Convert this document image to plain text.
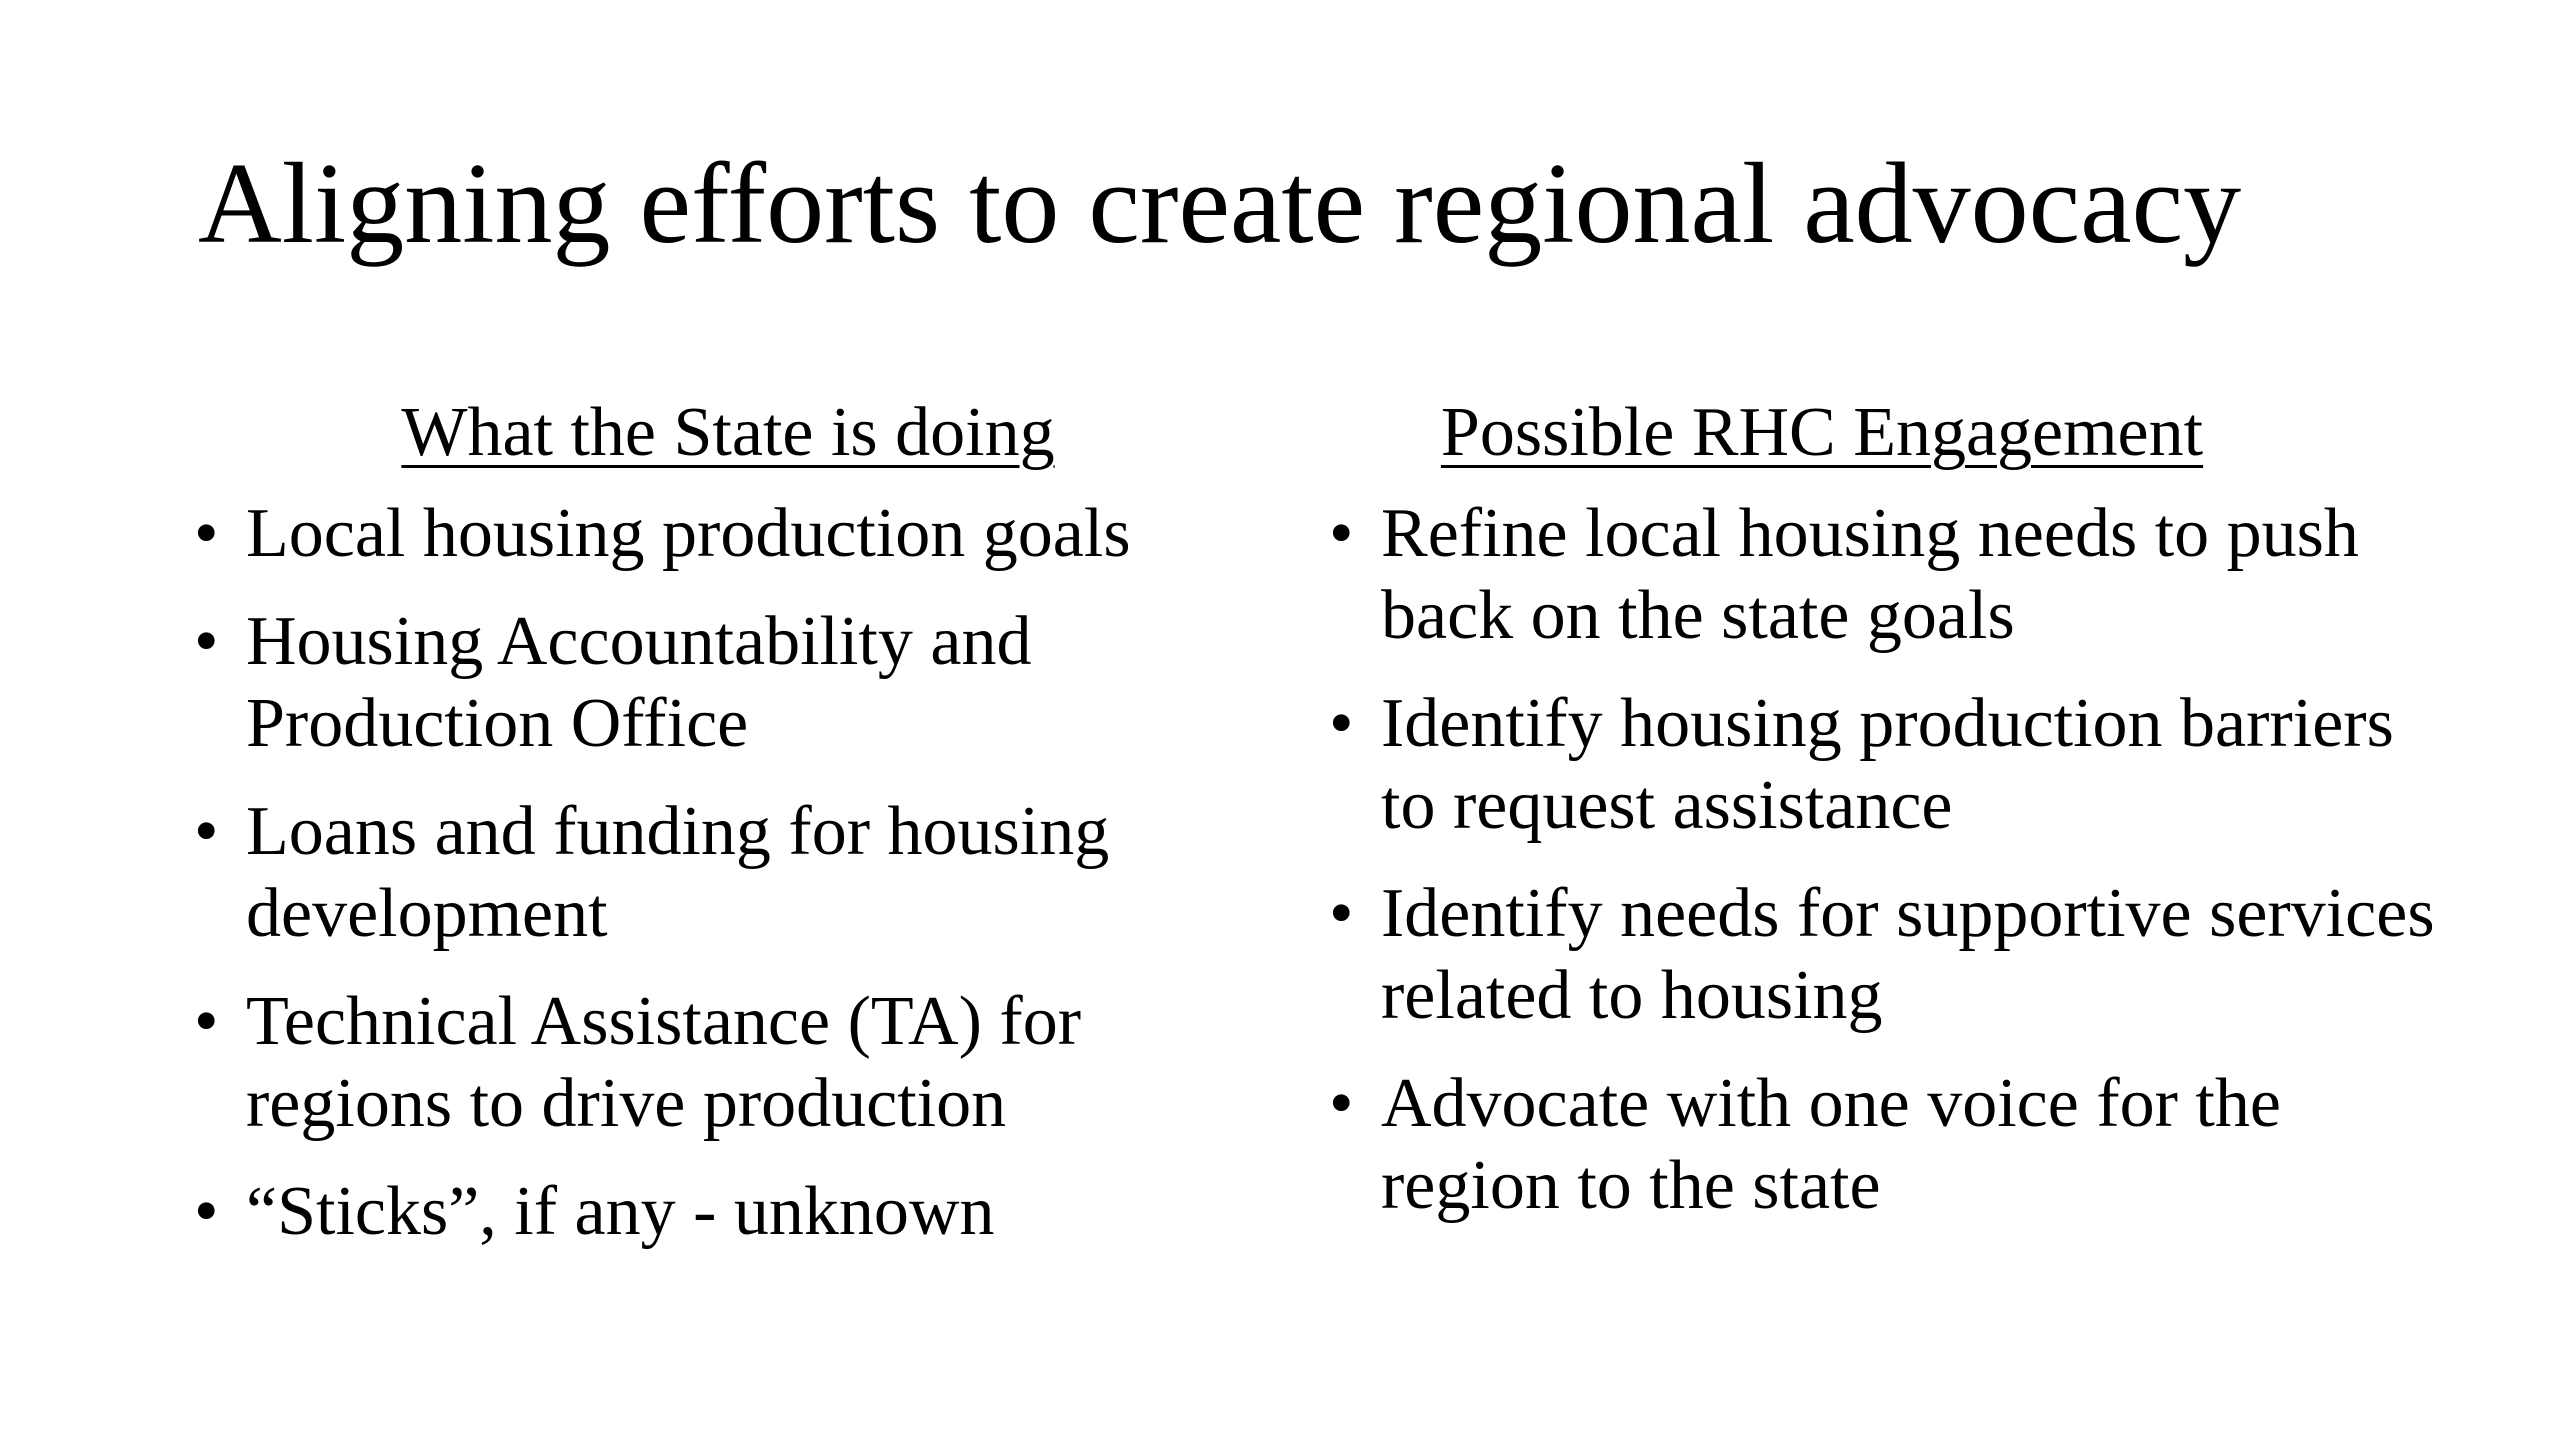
Aligning efforts to create regional advocacy
What the State is doing
• Local housing production goals
• Housing Accountability and Production Office
• Loans and funding for housing development
• Technical Assistance (TA) for regions to drive production
• “Sticks”, if any - unknown
Possible RHC Engagement
• Refine local housing needs to push back on the state goals
• Identify housing production barriers to request assistance
• Identify needs for supportive services related to housing
• Advocate with one voice for the region to the state
